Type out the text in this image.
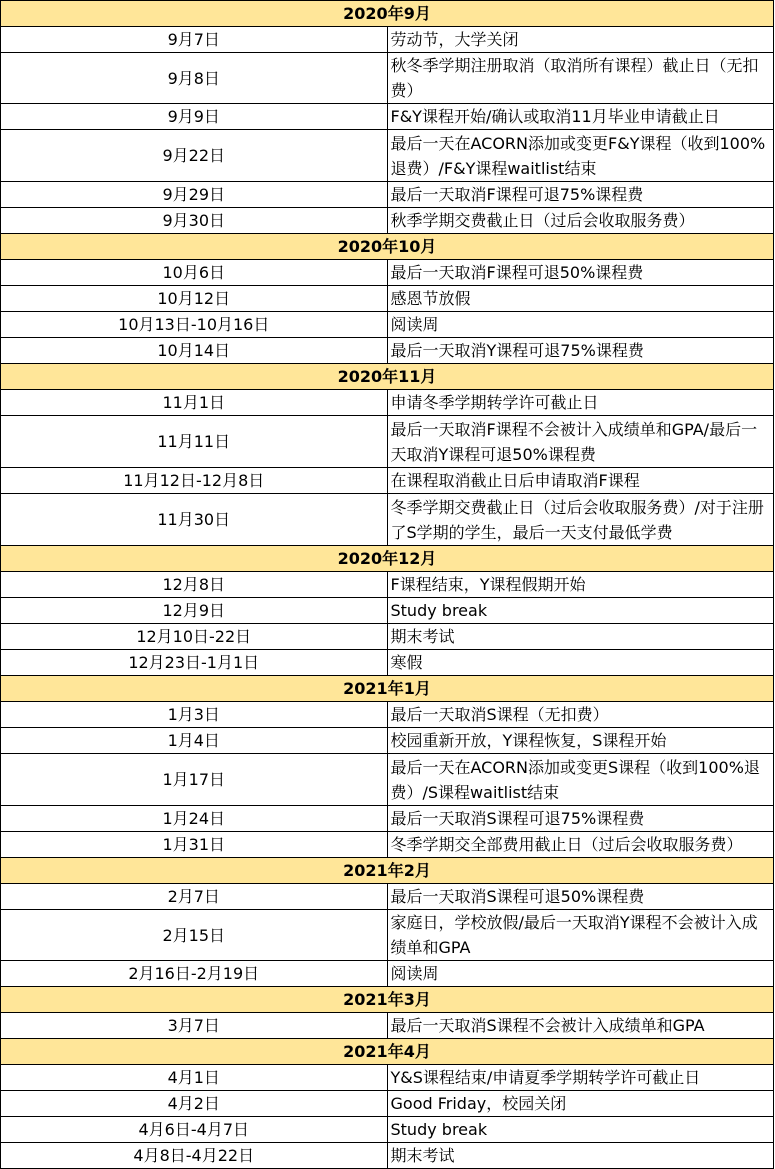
2020年9月	
9月7日	劳动节，大学关闭
9月8日	秋冬季学期注册取消（取消所有课程）截止日（无扣费）
9月9日	F&Y课程开始/确认或取消11月毕业申请截止日
9月22日	最后一天在ACORN添加或变更F&Y课程（收到100%退费）/F&Y课程waitlist结束
9月29日	最后一天取消F课程可退75%课程费
9月30日	秋季学期交费截止日（过后会收取服务费）
2020年10月	
10月6日	最后一天取消F课程可退50%课程费
10月12日	感恩节放假
10月13日-10月16日	阅读周
10月14日	最后一天取消Y课程可退75%课程费
2020年11月	
11月1日	申请冬季学期转学许可截止日
11月11日	最后一天取消F课程不会被计入成绩单和GPA/最后一天取消Y课程可退50%课程费
11月12日-12月8日	在课程取消截止日后申请取消F课程
11月30日	冬季学期交费截止日（过后会收取服务费）/对于注册了S学期的学生，最后一天支付最低学费
2020年12月	
12月8日	F课程结束，Y课程假期开始
12月9日	Study break
12月10日-22日	期末考试
12月23日-1月1日	寒假
2021年1月	
1月3日	最后一天取消S课程（无扣费）
1月4日	校园重新开放，Y课程恢复，S课程开始
1月17日	最后一天在ACORN添加或变更S课程（收到100%退费）/S课程waitlist结束
1月24日	最后一天取消S课程可退75%课程费
1月31日	冬季学期交全部费用截止日（过后会收取服务费）
2021年2月	
2月7日	最后一天取消S课程可退50%课程费
2月15日	家庭日，学校放假/最后一天取消Y课程不会被计入成绩单和GPA
2月16日-2月19日	阅读周
2021年3月	
3月7日	最后一天取消S课程不会被计入成绩单和GPA
2021年4月	
4月1日	Y&S课程结束/申请夏季学期转学许可截止日
4月2日	Good Friday，校园关闭
4月6日-4月7日	Study break
4月8日-4月22日	期末考试
